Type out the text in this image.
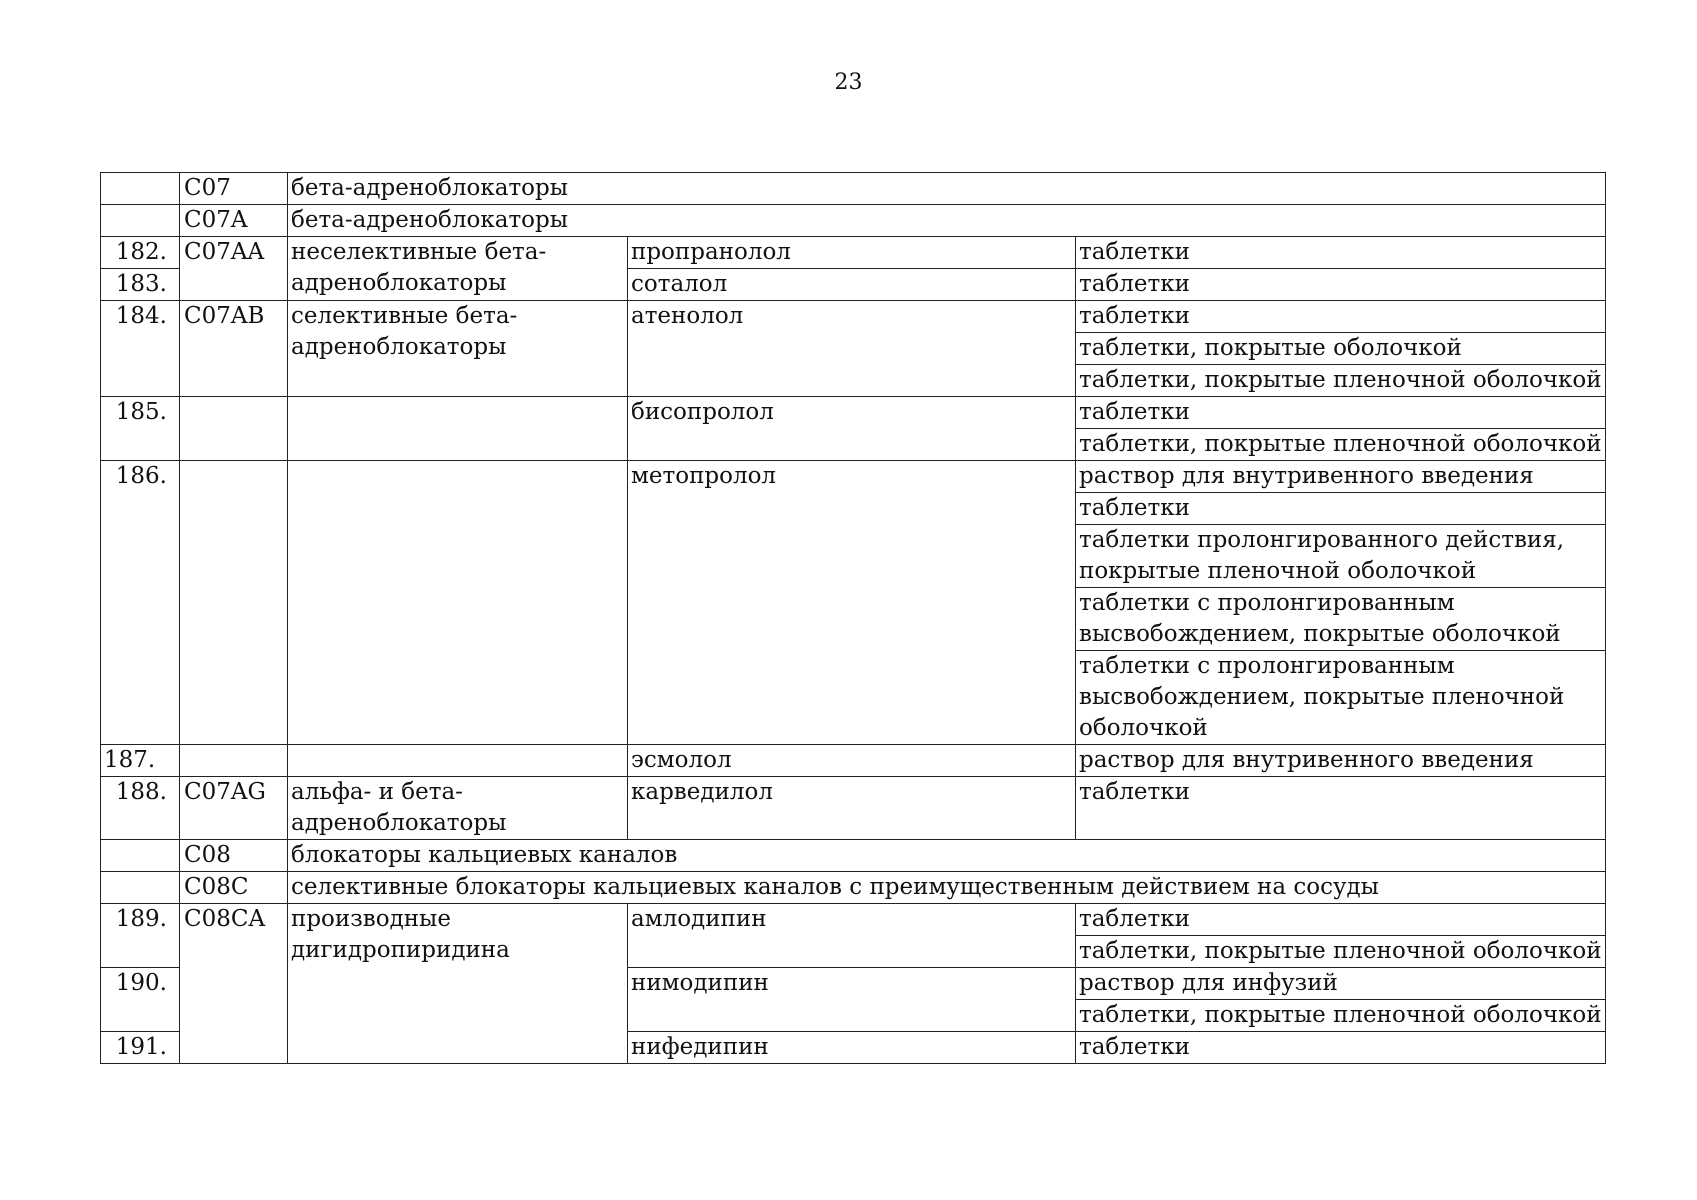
23
	C07	бета-адреноблокаторы		
	C07A	бета-адреноблокаторы		
182.	C07AA	неселективные бета-адреноблокаторы	пропранолол	таблетки
183.			соталол	таблетки
184.	C07AB	селективные бета-адреноблокаторы	атенолол	таблетки
				таблетки, покрытые оболочкой
				таблетки, покрытые пленочной оболочкой
185.			бисопролол	таблетки
				таблетки, покрытые пленочной оболочкой
186.			метопролол	раствор для внутривенного введения
				таблетки
				таблетки пролонгированного действия, покрытые пленочной оболочкой
				таблетки с пролонгированным высвобождением, покрытые оболочкой
				таблетки с пролонгированным высвобождением, покрытые пленочной оболочкой
187.			эсмолол	раствор для внутривенного введения
188.	C07AG	альфа- и бета-адреноблокаторы	карведилол	таблетки
	C08	блокаторы кальциевых каналов		
	C08C	селективные блокаторы кальциевых каналов с преимущественным действием на сосуды		
189.	C08CA	производные дигидропиридина	амлодипин	таблетки
				таблетки, покрытые пленочной оболочкой
190.			нимодипин	раствор для инфузий
				таблетки, покрытые пленочной оболочкой
191.			нифедипин	таблетки
